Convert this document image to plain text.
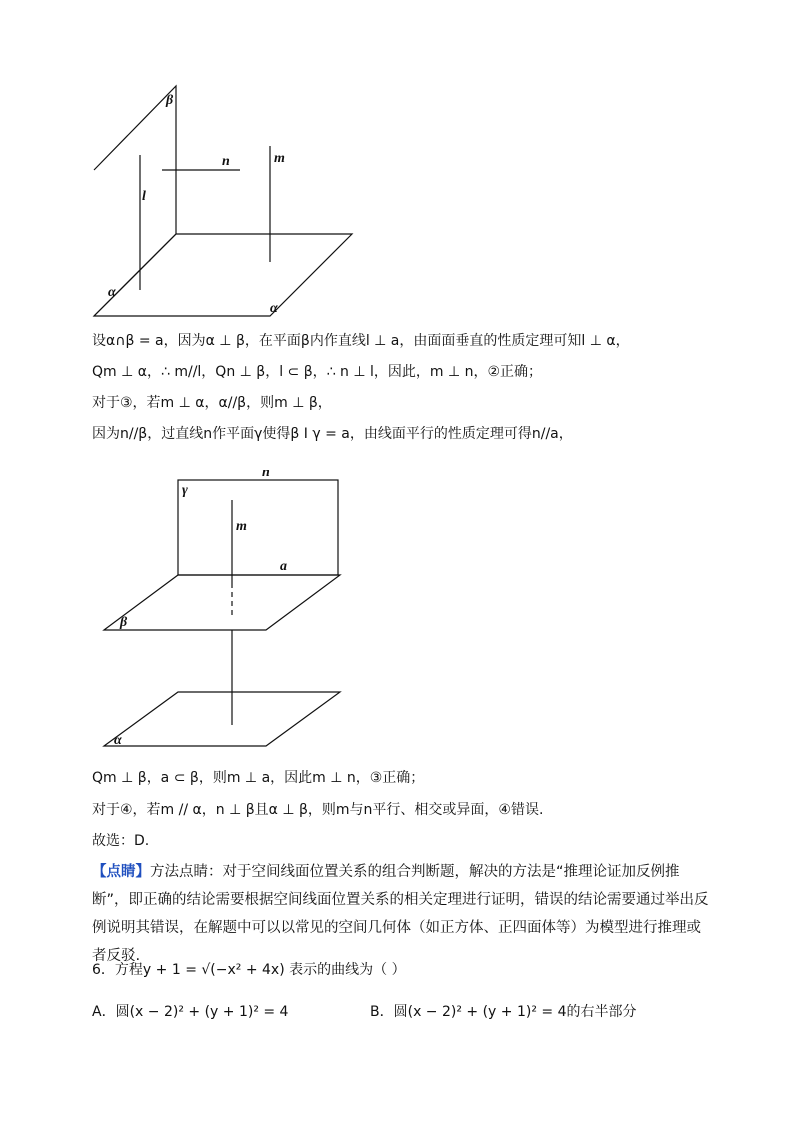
β
n	m
l
α
α
设α∩β = a，因为α ⊥ β，在平面β内作直线l ⊥ a，由面面垂直的性质定理可知l ⊥ α，
Qm ⊥ α，∴ m//l，Qn ⊥ β，l ⊂ β，∴ n ⊥ l，因此，m ⊥ n，②正确；
对于③，若m ⊥ α，α//β，则m ⊥ β，
因为n//β，过直线n作平面γ使得β I γ = a，由线面平行的性质定理可得n//a，
γ
n
m
a
β
α
Qm ⊥ β，a ⊂ β，则m ⊥ a，因此m ⊥ n，③正确；
对于④，若m // α，n ⊥ β且α ⊥ β，则m与n平行、相交或异面，④错误.
故选：D.
【点睛】方法点睛：对于空间线面位置关系的组合判断题，解决的方法是“推理论证加反例推断”，即正确的结论需要根据空间线面位置关系的相关定理进行证明，错误的结论需要通过举出反例说明其错误，在解题中可以以常见的空间几何体（如正方体、正四面体等）为模型进行推理或者反驳.
6．方程y + 1 = √(−x² + 4x) 表示的曲线为（ ）
A．圆(x − 2)² + (y + 1)² = 4	B．圆(x − 2)² + (y + 1)² = 4的右半部分
